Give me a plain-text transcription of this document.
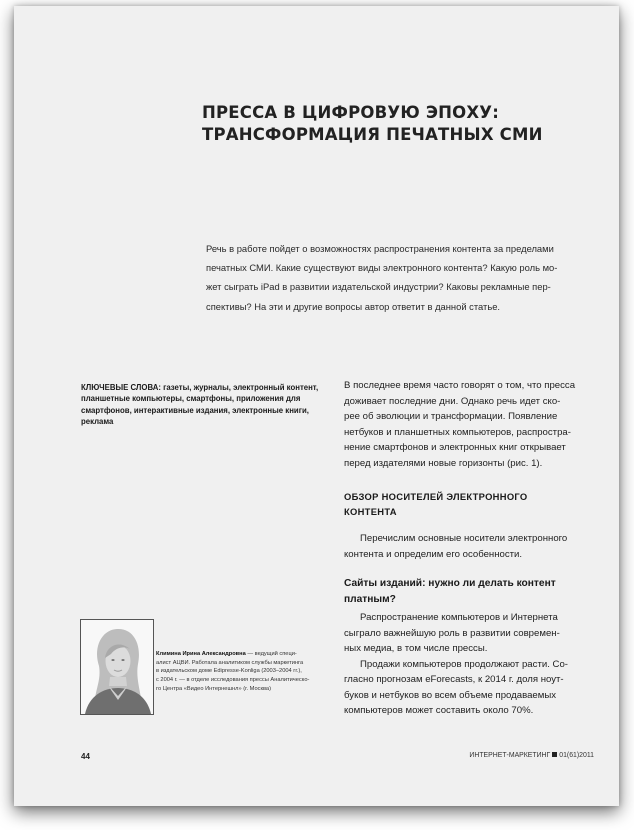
ПРЕССА В ЦИФРОВУЮ ЭПОХУ:
ТРАНСФОРМАЦИЯ ПЕЧАТНЫХ СМИ
Речь в работе пойдет о возможностях распространения контента за пределами
печатных СМИ. Какие существуют виды электронного контента? Какую роль мо-
жет сыграть iPad в развитии издательской индустрии? Каковы рекламные пер-
спективы? На эти и другие вопросы автор ответит в данной статье.
КЛЮЧЕВЫЕ СЛОВА: газеты, журналы, электронный контент,
планшетные компьютеры, смартфоны, приложения для
смартфонов, интерактивные издания, электронные книги,
реклама
В последнее время часто говорят о том, что пресса
доживает последние дни. Однако речь идет ско-
рее об эволюции и трансформации. Появление
нетбуков и планшетных компьютеров, распростра-
нение смартфонов и электронных книг открывает
перед издателями новые горизонты (рис. 1).
ОБЗОР НОСИТЕЛЕЙ ЭЛЕКТРОННОГО
КОНТЕНТА
Перечислим основные носители электронного
контента и определим его особенности.
Сайты изданий: нужно ли делать контент
платным?
Распространение компьютеров и Интернета
сыграло важнейшую роль в развитии современ-
ных медиа, в том числе прессы.
Продажи компьютеров продолжают расти. Со-
гласно прогнозам eForecasts, к 2014 г. доля ноут-
буков и нетбуков во всем объеме продаваемых
компьютеров может составить около 70%.
Климина Ирина Александровна — ведущий специ-
алист АЦВИ. Работала аналитиком службы маркетинга
в издательском доме Edipresse-Konliga (2003–2004 гг.),
с 2004 г. — в отделе исследования прессы Аналитическо-
го Центра «Видео Интернешнл» (г. Москва)
44	ИНТЕРНЕТ-МАРКЕТИНГ 01(61)2011
